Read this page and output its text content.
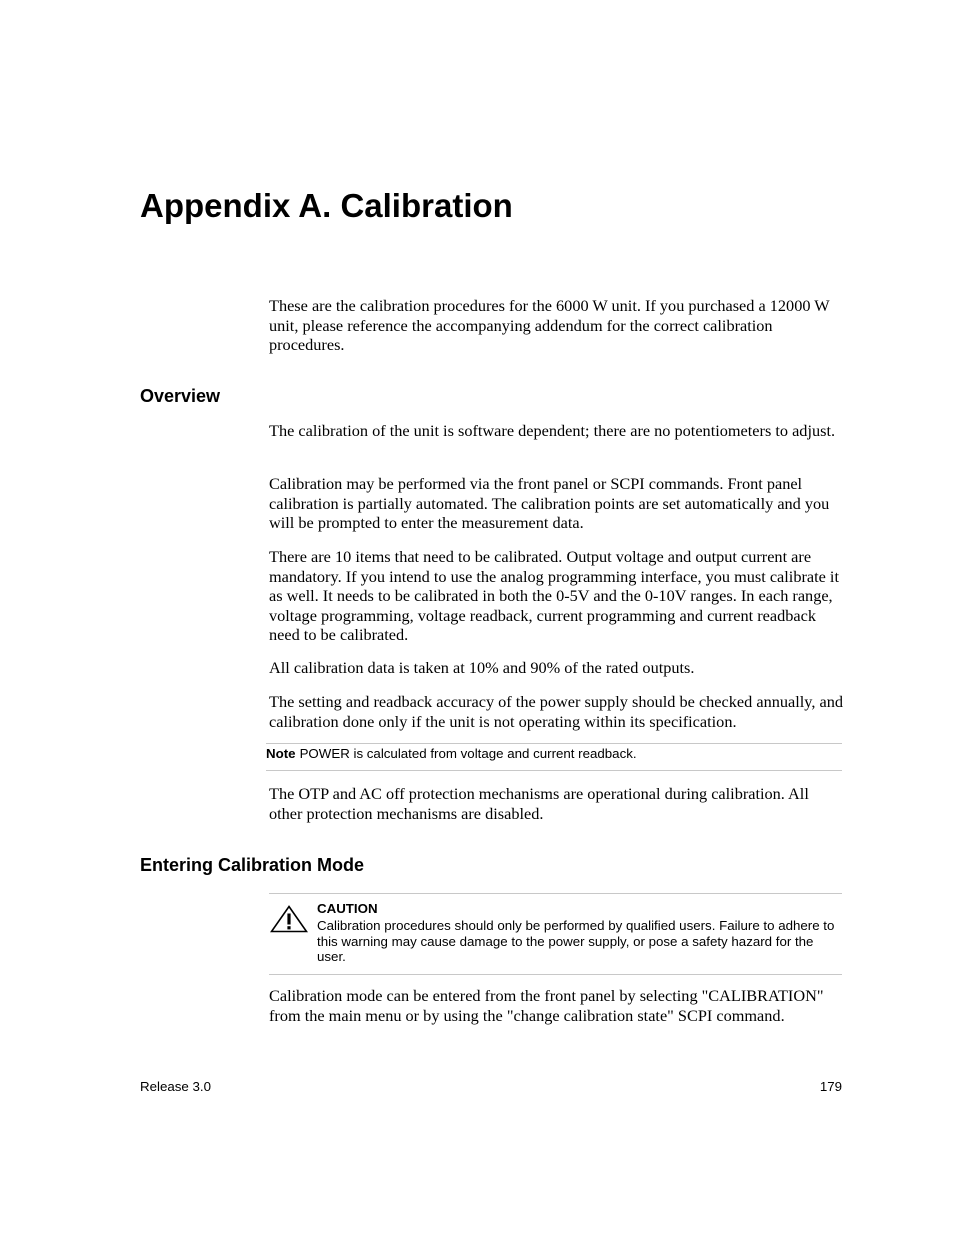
Appendix A. Calibration

These are the calibration procedures for the 6000 W unit. If you purchased a 12000 W unit, please reference the accompanying addendum for the correct calibration procedures.

Overview

The calibration of the unit is software dependent; there are no potentiometers to adjust.

Calibration may be performed via the front panel or SCPI commands. Front panel calibration is partially automated. The calibration points are set automatically and you will be prompted to enter the measurement data.

There are 10 items that need to be calibrated. Output voltage and output current are mandatory. If you intend to use the analog programming interface, you must calibrate it as well. It needs to be calibrated in both the 0-5V and the 0-10V ranges. In each range, voltage programming, voltage readback, current programming and current readback need to be calibrated.

All calibration data is taken at 10% and 90% of the rated outputs.

The setting and readback accuracy of the power supply should be checked annually, and calibration done only if the unit is not operating within its specification.

Note POWER is calculated from voltage and current readback.

The OTP and AC off protection mechanisms are operational during calibration. All other protection mechanisms are disabled.

Entering Calibration Mode

CAUTION

Calibration procedures should only be performed by qualified users. Failure to adhere to this warning may cause damage to the power supply, or pose a safety hazard for the user.

Calibration mode can be entered from the front panel by selecting "CALIBRATION" from the main menu or by using the "change calibration state" SCPI command.

Release 3.0	179
